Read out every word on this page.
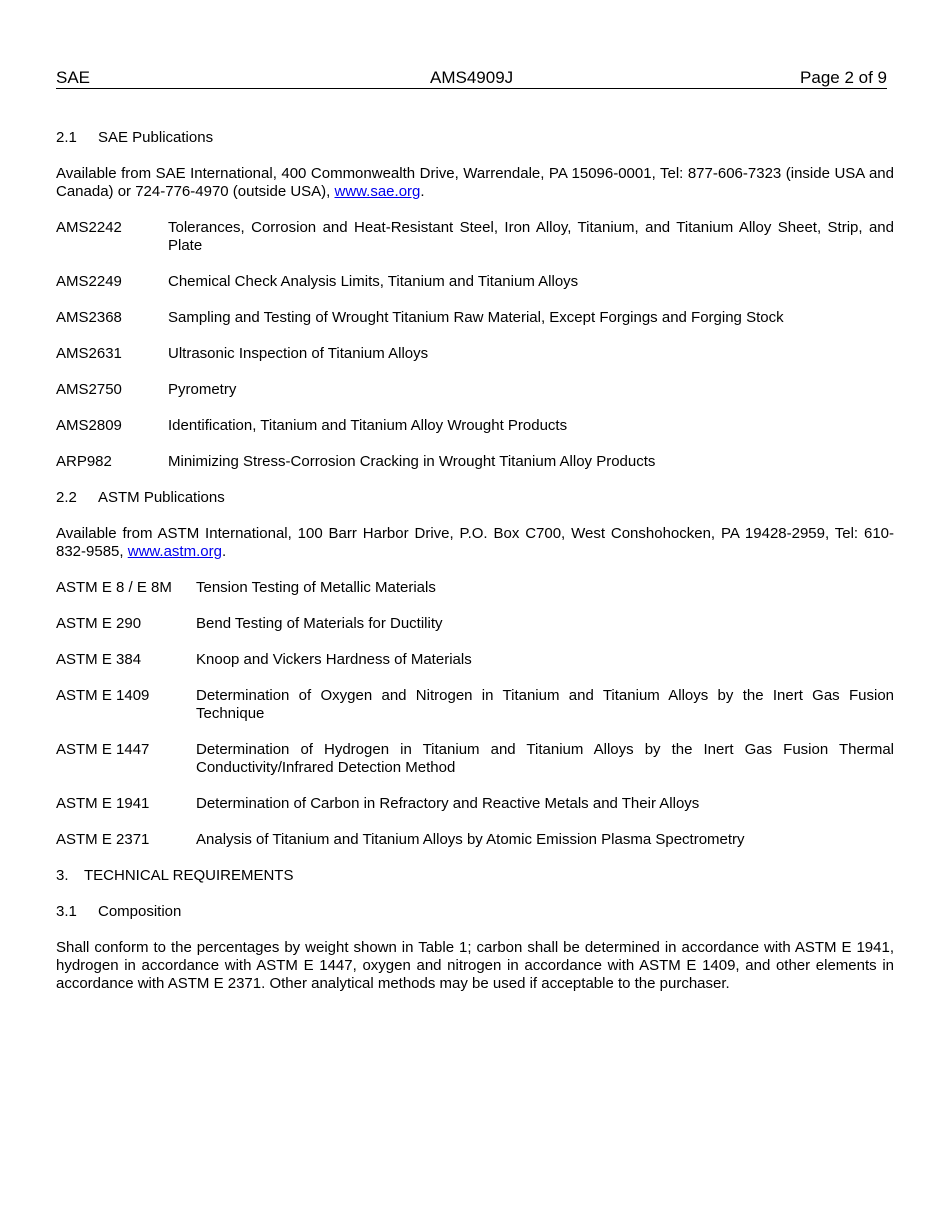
SAE	AMS4909J	Page 2 of 9
2.1 SAE Publications

Available from SAE International, 400 Commonwealth Drive, Warrendale, PA 15096-0001, Tel: 877-606-7323 (inside USA and Canada) or 724-776-4970 (outside USA), www.sae.org.

AMS2242	Tolerances, Corrosion and Heat-Resistant Steel, Iron Alloy, Titanium, and Titanium Alloy Sheet, Strip, and Plate
AMS2249	Chemical Check Analysis Limits, Titanium and Titanium Alloys
AMS2368	Sampling and Testing of Wrought Titanium Raw Material, Except Forgings and Forging Stock
AMS2631	Ultrasonic Inspection of Titanium Alloys
AMS2750	Pyrometry
AMS2809	Identification, Titanium and Titanium Alloy Wrought Products
ARP982	Minimizing Stress-Corrosion Cracking in Wrought Titanium Alloy Products
2.2 ASTM Publications

Available from ASTM International, 100 Barr Harbor Drive, P.O. Box C700, West Conshohocken, PA 19428-2959, Tel: 610-832-9585, www.astm.org.

ASTM E 8 / E 8M	Tension Testing of Metallic Materials
ASTM E 290	Bend Testing of Materials for Ductility
ASTM E 384	Knoop and Vickers Hardness of Materials
ASTM E 1409	Determination of Oxygen and Nitrogen in Titanium and Titanium Alloys by the Inert Gas Fusion Technique
ASTM E 1447	Determination of Hydrogen in Titanium and Titanium Alloys by the Inert Gas Fusion Thermal Conductivity/Infrared Detection Method
ASTM E 1941	Determination of Carbon in Refractory and Reactive Metals and Their Alloys
ASTM E 2371	Analysis of Titanium and Titanium Alloys by Atomic Emission Plasma Spectrometry
3. TECHNICAL REQUIREMENTS
3.1 Composition

Shall conform to the percentages by weight shown in Table 1; carbon shall be determined in accordance with ASTM E 1941, hydrogen in accordance with ASTM E 1447, oxygen and nitrogen in accordance with ASTM E 1409, and other elements in accordance with ASTM E 2371. Other analytical methods may be used if acceptable to the purchaser.
